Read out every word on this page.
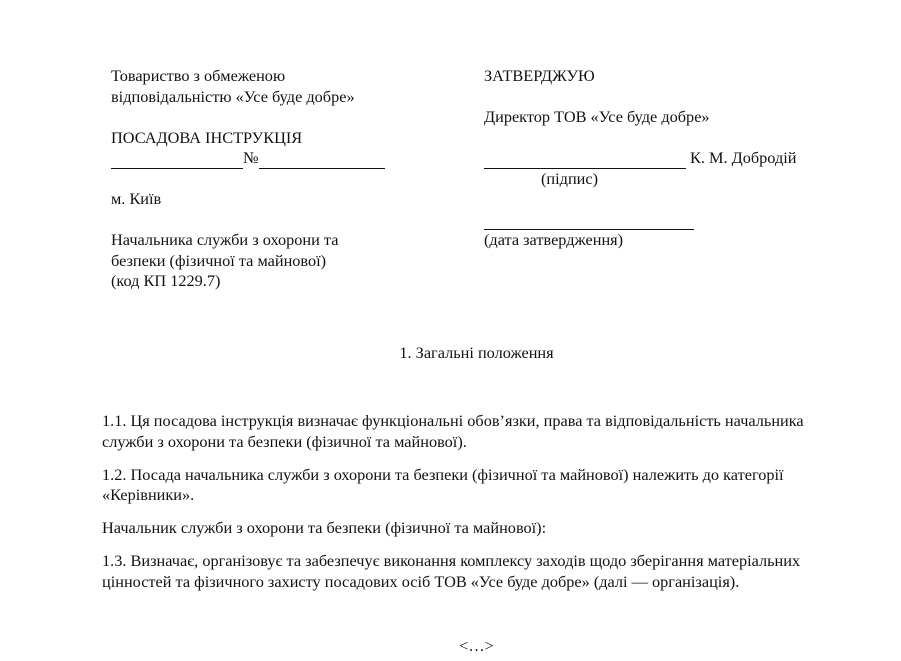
Товариство з обмеженою
відповідальністю «Усе буде добре»
ПОСАДОВА ІНСТРУКЦІЯ
№
м. Київ
Начальника служби з охорони та
безпеки (фізичної та майнової)
(код КП 1229.7)
ЗАТВЕРДЖУЮ
Директор ТОВ «Усе буде добре»
К. М. Добродій
(підпис)
(дата затвердження)
1. Загальні положення

1.1. Ця посадова інструкція визначає функціональні обов’язки, права та відповідальність начальника служби з охорони та безпеки (фізичної та майнової).

1.2. Посада начальника служби з охорони та безпеки (фізичної та майнової) належить до категорії «Керівники».

Начальник служби з охорони та безпеки (фізичної та майнової):

1.3. Визначає, організовує та забезпечує виконання комплексу заходів щодо зберігання матеріальних цінностей та фізичного захисту посадових осіб ТОВ «Усе буде добре» (далі — організація).

<…>
